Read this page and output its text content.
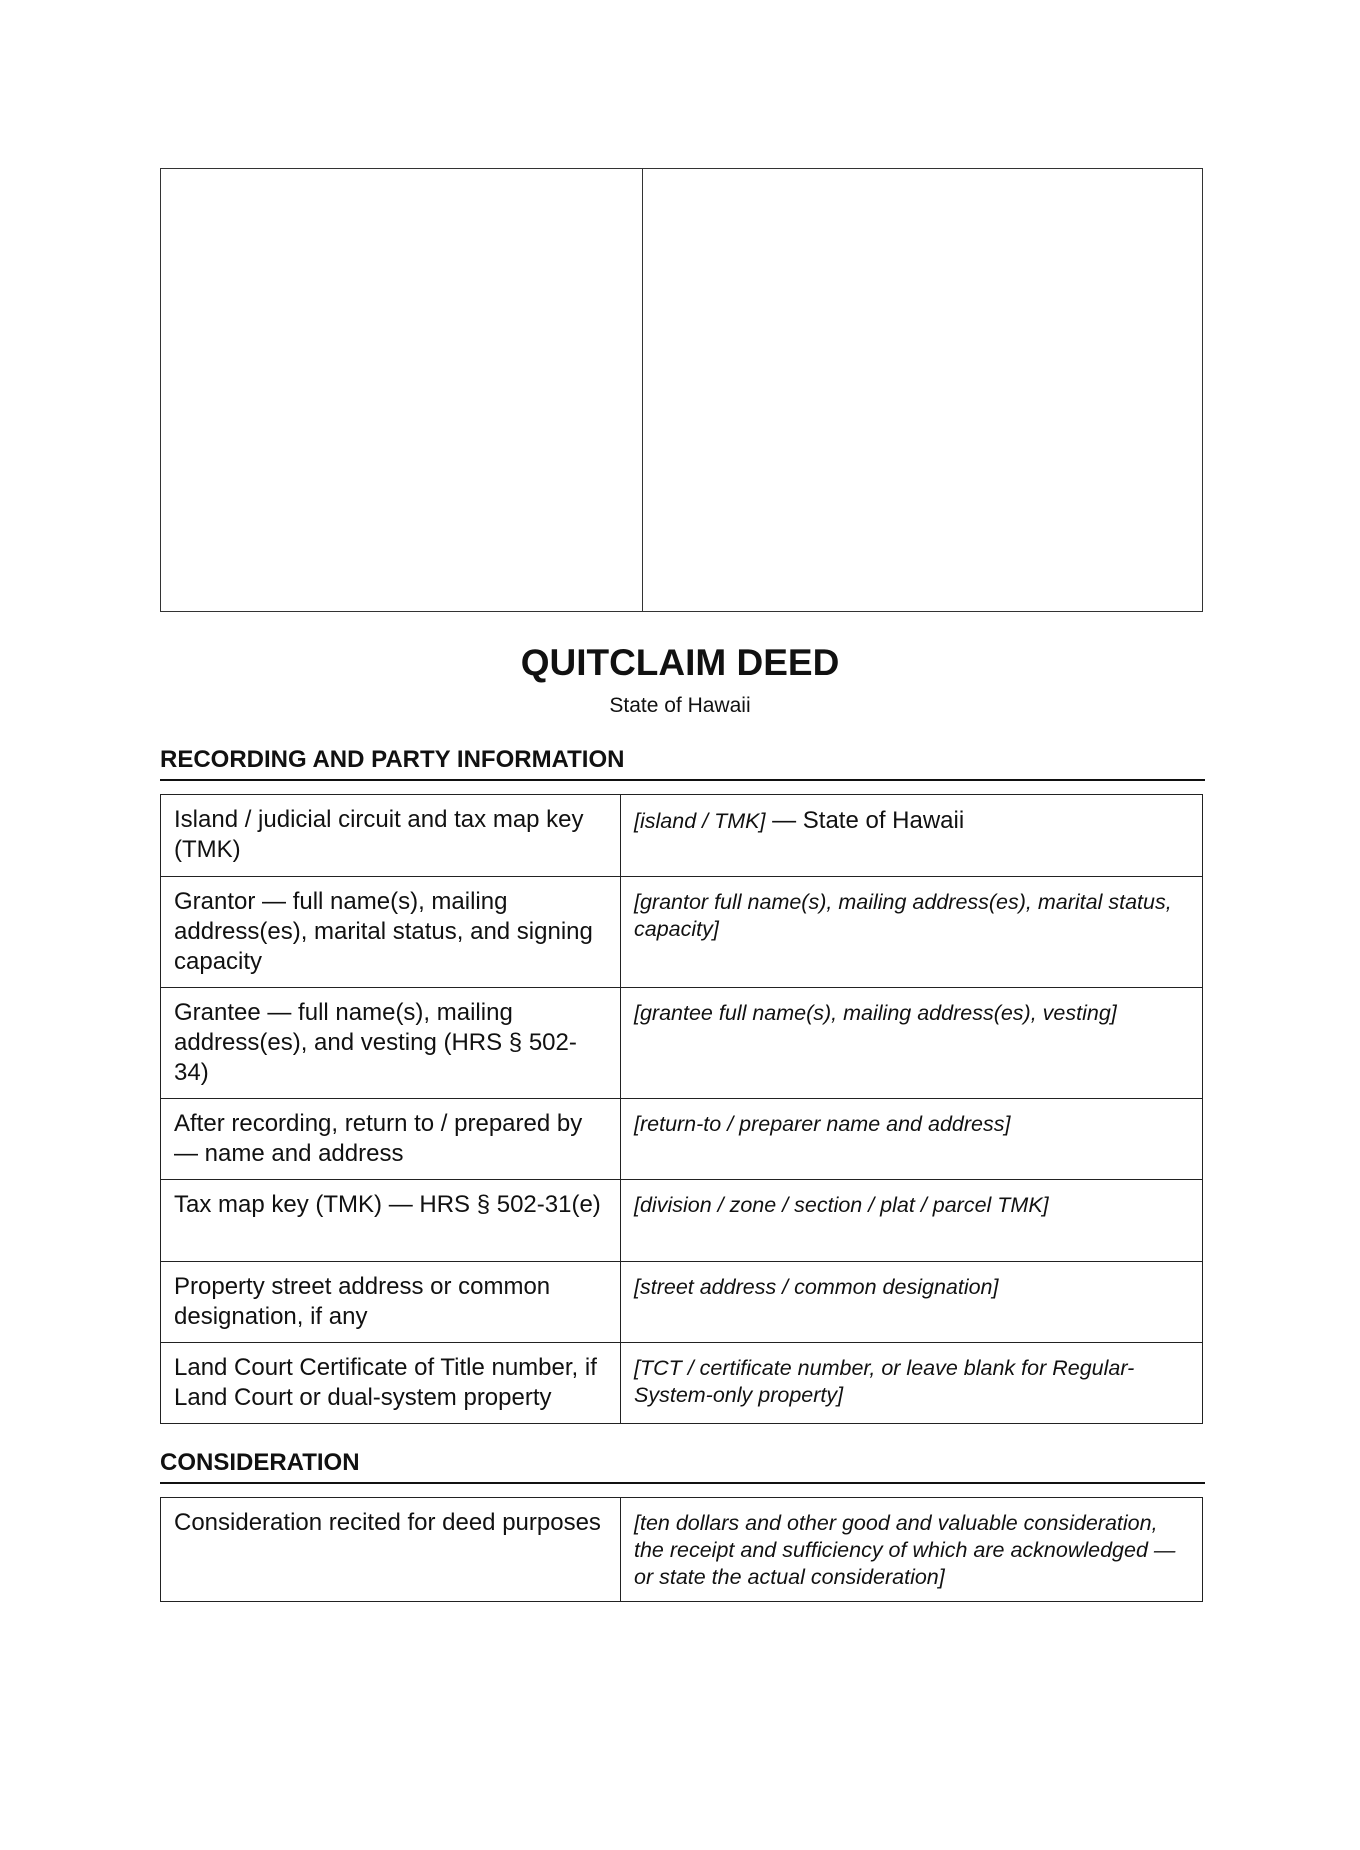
QUITCLAIM DEED
State of Hawaii
RECORDING AND PARTY INFORMATION
Island / judicial circuit and tax map key (TMK)	[island / TMK] — State of Hawaii
Grantor — full name(s), mailing address(es), marital status, and signing capacity	[grantor full name(s), mailing address(es), marital status, capacity]
Grantee — full name(s), mailing address(es), and vesting (HRS § 502-34)	[grantee full name(s), mailing address(es), vesting]
After recording, return to / prepared by — name and address	[return-to / preparer name and address]
Tax map key (TMK) — HRS § 502-31(e)	[division / zone / section / plat / parcel TMK]
Property street address or common designation, if any	[street address / common designation]
Land Court Certificate of Title number, if Land Court or dual-system property	[TCT / certificate number, or leave blank for Regular-System-only property]
CONSIDERATION
Consideration recited for deed purposes	[ten dollars and other good and valuable consideration, the receipt and sufficiency of which are acknowledged — or state the actual consideration]
